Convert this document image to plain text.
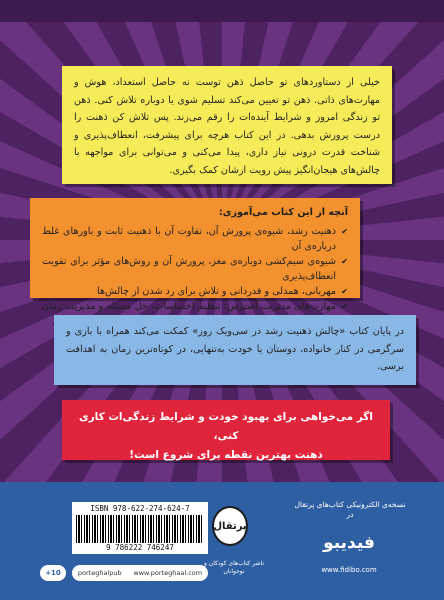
خیلی از دستاوردهای تو حاصل ذهن توست نه حاصل استعداد، هوش و مهارت‌های ذاتی. ذهن تو تعیین می‌کند تسلیم شوی یا دوباره تلاش کنی. ذهن تو زندگی امروز و شرایط آینده‌ات را رقم می‌زند. پس تلاش کن ذهنت را درست پرورش بدهی. در این کتاب هرچه برای پیشرفت، انعطاف‌پذیری و شناخت قدرت درونی نیاز داری، پیدا می‌کنی و می‌توانی برای مواجهه با چالش‌های هیجان‌انگیز پیش رویت ازشان کمک بگیری.
آنچه از این کتاب می‌آموزی:
✔ ذهنیت رشد، شیوه‌ی پرورش آن، تفاوت آن با ذهنیت ثابت و باورهای غلط درباره‌ی آن
✔ شیوه‌ی سیم‌کشی دوباره‌ی مغز، پرورش آن و روش‌های مؤثر برای تقویت انعطاف‌پذیری
✔ مهربانی، همدلی و قدردانی و تلاش برای رد شدن از چالش‌ها
✔ مهارت‌های مدیریت استرس: تنظیم احساسات، حل مسئله و مدیریت زمان
در پایان کتاب «چالش ذهنیت رشد در سی‌ویک روز» کمکت می‌کند همراه با بازی و سرگرمی در کنار خانواده، دوستان یا خودت به‌تنهایی، در کوتاه‌ترین زمان به اهدافت برسی.
اگر می‌خواهی برای بهبود خودت و شرایط زندگی‌ات کاری کنی،
ذهنت بهترین نقطه برای شروع است!
ISBN 978-622-274-624-7
9 786222 746247
+10	porteghalpub www.porteghaal.com
پرتقال
ناشر کتاب‌های کودکان و نوجوانان
نسخه‌ی الکترونیکی کتاب‌های پرتقال در
فیدیبو
www.fidibo.com
